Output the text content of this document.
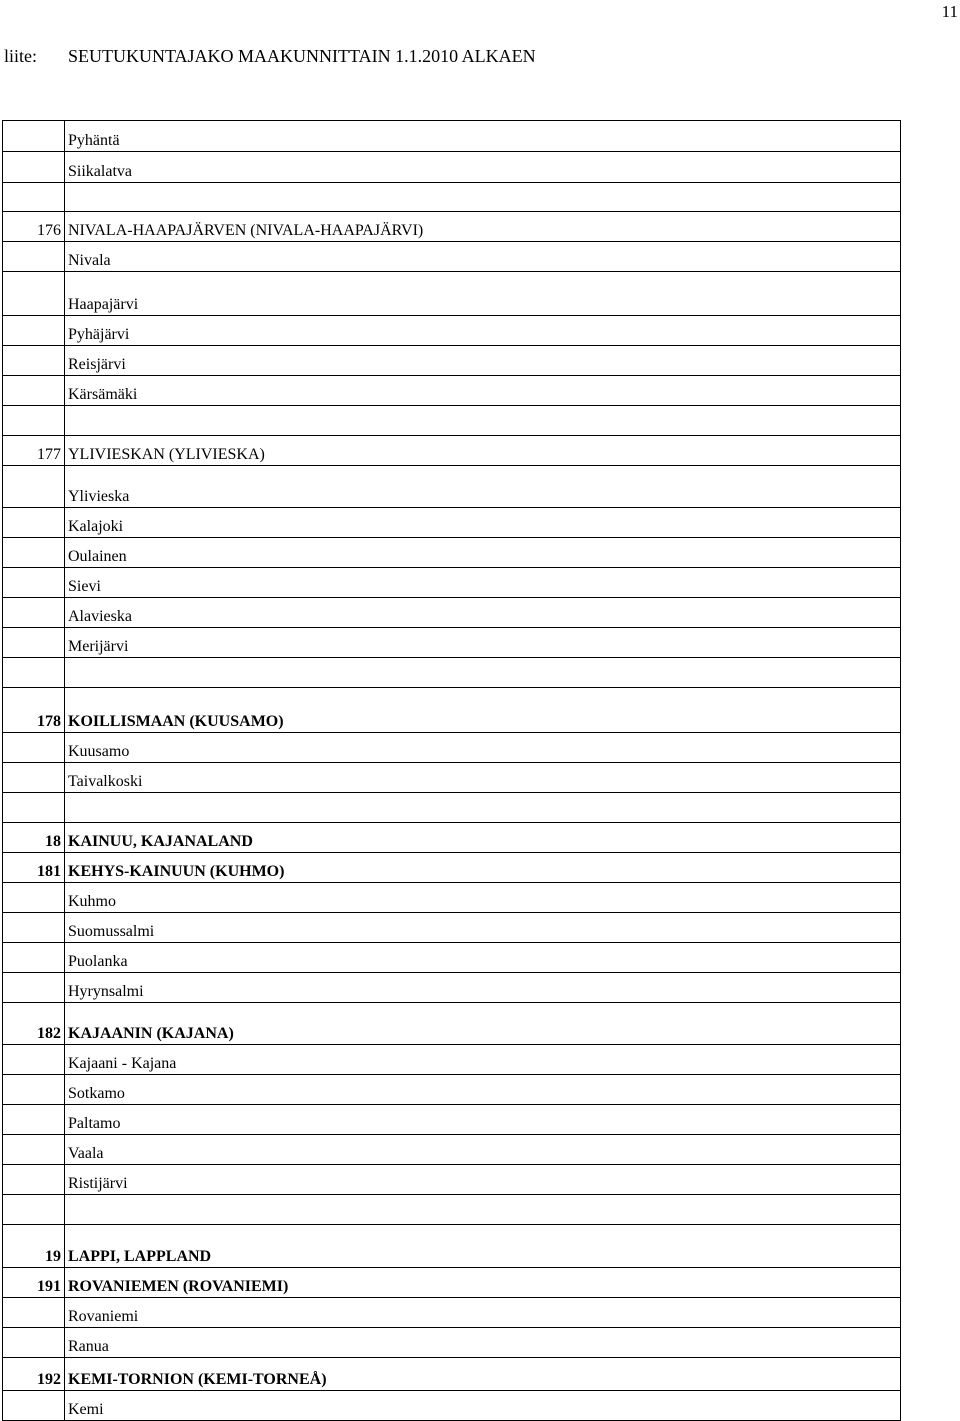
11
liite: SEUTUKUNTAJAKO MAAKUNNITTAIN 1.1.2010 ALKAEN
	Pyhäntä
	Siikalatva

176	NIVALA-HAAPAJÄRVEN (NIVALA-HAAPAJÄRVI)
	Nivala
	Haapajärvi
	Pyhäjärvi
	Reisjärvi
	Kärsämäki

177	YLIVIESKAN (YLIVIESKA)
	Ylivieska
	Kalajoki
	Oulainen
	Sievi
	Alavieska
	Merijärvi

178	KOILLISMAAN (KUUSAMO)
	Kuusamo
	Taivalkoski

18	KAINUU, KAJANALAND
181	KEHYS-KAINUUN (KUHMO)
	Kuhmo
	Suomussalmi
	Puolanka
	Hyrynsalmi
182	KAJAANIN (KAJANA)
	Kajaani - Kajana
	Sotkamo
	Paltamo
	Vaala
	Ristijärvi

19	LAPPI, LAPPLAND
191	ROVANIEMEN (ROVANIEMI)
	Rovaniemi
	Ranua
192	KEMI-TORNION (KEMI-TORNEÅ)
	Kemi
